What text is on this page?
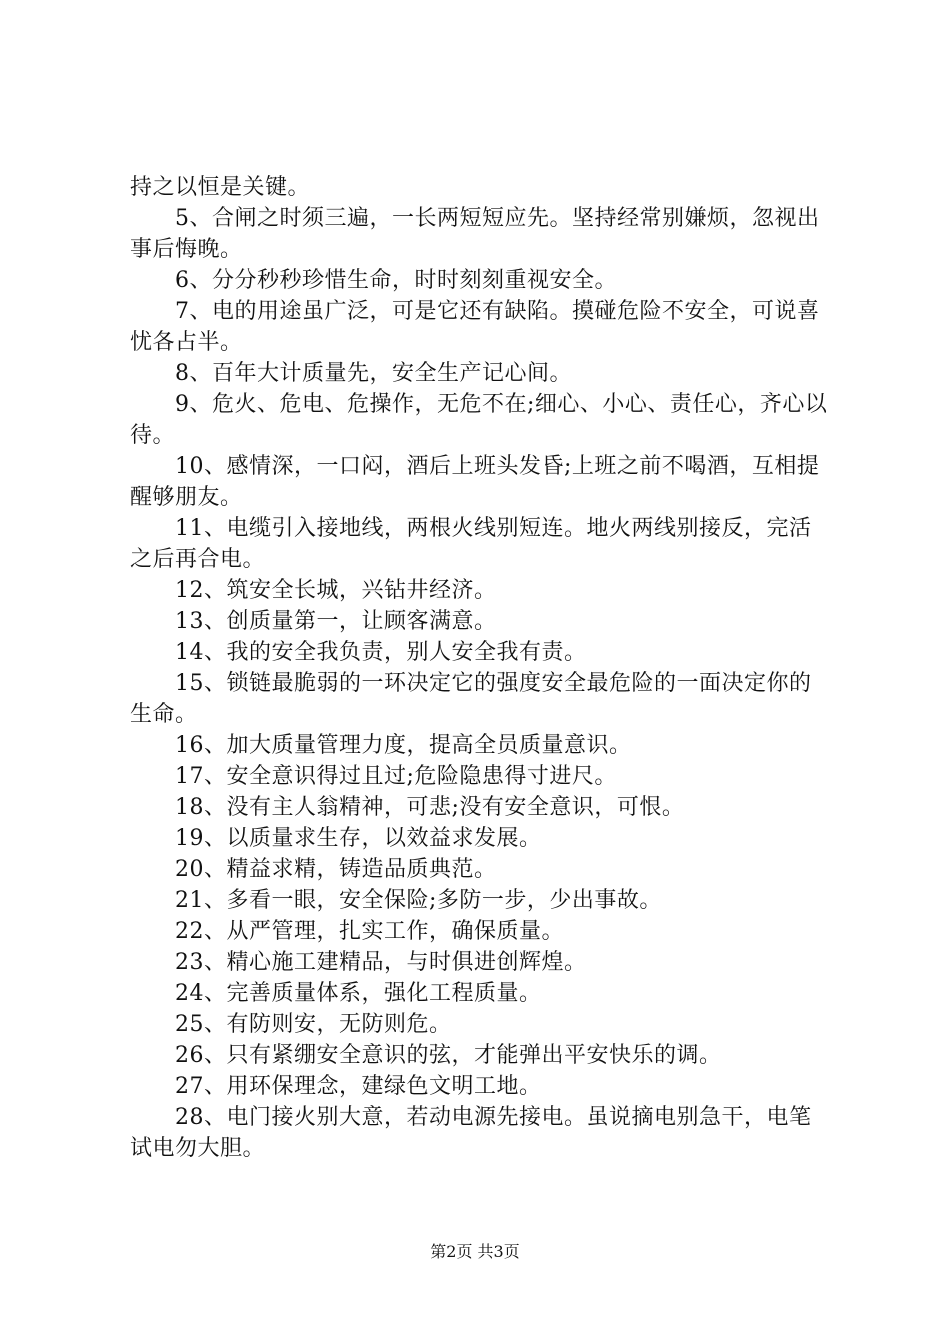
持之以恒是关键。

　　5、合闸之时须三遍，一长两短短应先。坚持经常别嫌烦，忽视出事后悔晚。

　　6、分分秒秒珍惜生命，时时刻刻重视安全。

　　7、电的用途虽广泛，可是它还有缺陷。摸碰危险不安全，可说喜忧各占半。

　　8、百年大计质量先，安全生产记心间。

　　9、危火、危电、危操作，无危不在;细心、小心、责任心，齐心以待。

　　10、感情深，一口闷，酒后上班头发昏;上班之前不喝酒，互相提醒够朋友。

　　11、电缆引入接地线，两根火线别短连。地火两线别接反，完活之后再合电。

　　12、筑安全长城，兴钻井经济。

　　13、创质量第一，让顾客满意。

　　14、我的安全我负责，别人安全我有责。

　　15、锁链最脆弱的一环决定它的强度安全最危险的一面决定你的生命。

　　16、加大质量管理力度，提高全员质量意识。

　　17、安全意识得过且过;危险隐患得寸进尺。

　　18、没有主人翁精神，可悲;没有安全意识，可恨。

　　19、以质量求生存，以效益求发展。

　　20、精益求精，铸造品质典范。

　　21、多看一眼，安全保险;多防一步，少出事故。

　　22、从严管理，扎实工作，确保质量。

　　23、精心施工建精品，与时俱进创辉煌。

　　24、完善质量体系，强化工程质量。

　　25、有防则安，无防则危。

　　26、只有紧绷安全意识的弦，才能弹出平安快乐的调。

　　27、用环保理念，建绿色文明工地。

　　28、电门接火别大意，若动电源先接电。虽说摘电别急干，电笔试电勿大胆。

第2页 共3页
